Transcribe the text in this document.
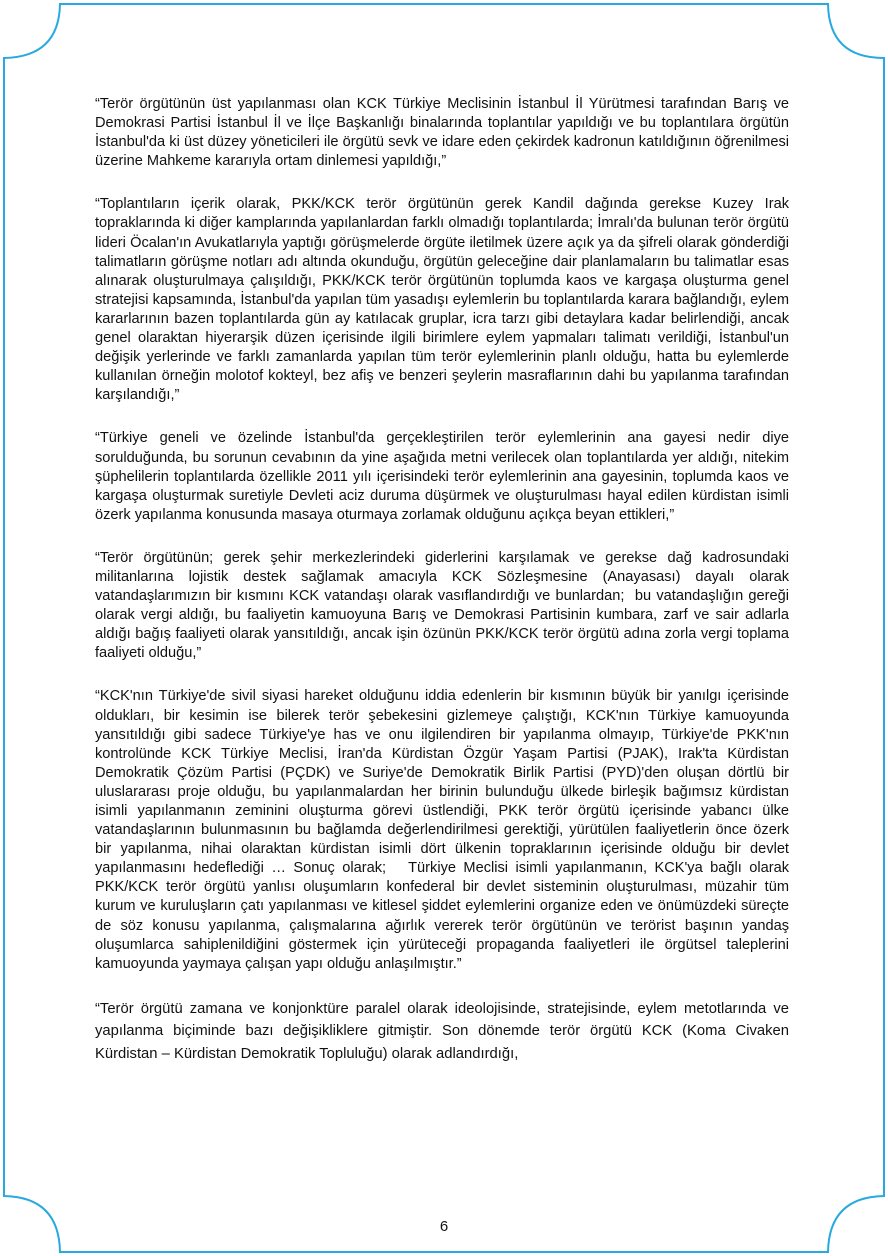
“Terör örgütünün üst yapılanması olan KCK Türkiye Meclisinin İstanbul İl Yürütmesi tarafından Barış ve Demokrasi Partisi İstanbul İl ve İlçe Başkanlığı binalarında toplantılar yapıldığı ve bu toplantılara örgütün İstanbul'da ki üst düzey yöneticileri ile örgütü sevk ve idare eden çekirdek kadronun katıldığının öğrenilmesi üzerine Mahkeme kararıyla ortam dinlemesi yapıldığı,”

“Toplantıların içerik olarak, PKK/KCK terör örgütünün gerek Kandil dağında gerekse Kuzey Irak topraklarında ki diğer kamplarında yapılanlardan farklı olmadığı toplantılarda; İmralı'da bulunan terör örgütü lideri Öcalan'ın Avukatlarıyla yaptığı görüşmelerde örgüte iletilmek üzere açık ya da şifreli olarak gönderdiği talimatların görüşme notları adı altında okunduğu, örgütün geleceğine dair planlamaların bu talimatlar esas alınarak oluşturulmaya çalışıldığı, PKK/KCK terör örgütünün toplumda kaos ve kargaşa oluşturma genel stratejisi kapsamında, İstanbul'da yapılan tüm yasadışı eylemlerin bu toplantılarda karara bağlandığı, eylem kararlarının bazen toplantılarda gün ay katılacak gruplar, icra tarzı gibi detaylara kadar belirlendiği, ancak genel olaraktan hiyerarşik düzen içerisinde ilgili birimlere eylem yapmaları talimatı verildiği, İstanbul'un değişik yerlerinde ve farklı zamanlarda yapılan tüm terör eylemlerinin planlı olduğu, hatta bu eylemlerde kullanılan örneğin molotof kokteyl, bez afiş ve benzeri şeylerin masraflarının dahi bu yapılanma tarafından karşılandığı,”

“Türkiye geneli ve özelinde İstanbul'da gerçekleştirilen terör eylemlerinin ana gayesi nedir diye sorulduğunda, bu sorunun cevabının da yine aşağıda metni verilecek olan toplantılarda yer aldığı, nitekim şüphelilerin toplantılarda özellikle 2011 yılı içerisindeki terör eylemlerinin ana gayesinin, toplumda kaos ve kargaşa oluşturmak suretiyle Devleti aciz duruma düşürmek ve oluşturulması hayal edilen kürdistan isimli özerk yapılanma konusunda masaya oturmaya zorlamak olduğunu açıkça beyan ettikleri,”

“Terör örgütünün; gerek şehir merkezlerindeki giderlerini karşılamak ve gerekse dağ kadrosundaki militanlarına lojistik destek sağlamak amacıyla KCK Sözleşmesine (Anayasası) dayalı olarak vatandaşlarımızın bir kısmını KCK vatandaşı olarak vasıflandırdığı ve bunlardan;  bu vatandaşlığın gereği olarak vergi aldığı, bu faaliyetin kamuoyuna Barış ve Demokrasi Partisinin kumbara, zarf ve sair adlarla aldığı bağış faaliyeti olarak yansıtıldığı, ancak işin özünün PKK/KCK terör örgütü adına zorla vergi toplama faaliyeti olduğu,”

“KCK'nın Türkiye'de sivil siyasi hareket olduğunu iddia edenlerin bir kısmının büyük bir yanılgı içerisinde oldukları, bir kesimin ise bilerek terör şebekesini gizlemeye çalıştığı, KCK'nın Türkiye kamuoyunda yansıtıldığı gibi sadece Türkiye'ye has ve onu ilgilendiren bir yapılanma olmayıp, Türkiye'de PKK'nın kontrolünde KCK Türkiye Meclisi, İran'da Kürdistan Özgür Yaşam Partisi (PJAK), Irak'ta Kürdistan Demokratik Çözüm Partisi (PÇDK) ve Suriye'de Demokratik Birlik Partisi (PYD)'den oluşan dörtlü bir uluslararası proje olduğu, bu yapılanmalardan her birinin bulunduğu ülkede birleşik bağımsız kürdistan isimli yapılanmanın zeminini oluşturma görevi üstlendiği, PKK terör örgütü içerisinde yabancı ülke vatandaşlarının bulunmasının bu bağlamda değerlendirilmesi gerektiği, yürütülen faaliyetlerin önce özerk bir yapılanma, nihai olaraktan kürdistan isimli dört ülkenin topraklarının içerisinde olduğu bir devlet yapılanmasını hedeflediği … Sonuç olarak;   Türkiye Meclisi isimli yapılanmanın, KCK'ya bağlı olarak PKK/KCK terör örgütü yanlısı oluşumların konfederal bir devlet sisteminin oluşturulması, müzahir tüm kurum ve kuruluşların çatı yapılanması ve kitlesel şiddet eylemlerini organize eden ve önümüzdeki süreçte de söz konusu yapılanma, çalışmalarına ağırlık vererek terör örgütünün ve terörist başının yandaş oluşumlarca sahiplenildiğini göstermek için yürüteceği propaganda faaliyetleri ile örgütsel taleplerini kamuoyunda yaymaya çalışan yapı olduğu anlaşılmıştır.”

“Terör örgütü zamana ve konjonktüre paralel olarak ideolojisinde, stratejisinde, eylem metotlarında ve yapılanma biçiminde bazı değişikliklere gitmiştir. Son dönemde terör örgütü KCK (Koma Civaken Kürdistan – Kürdistan Demokratik Topluluğu) olarak adlandırdığı,

6
